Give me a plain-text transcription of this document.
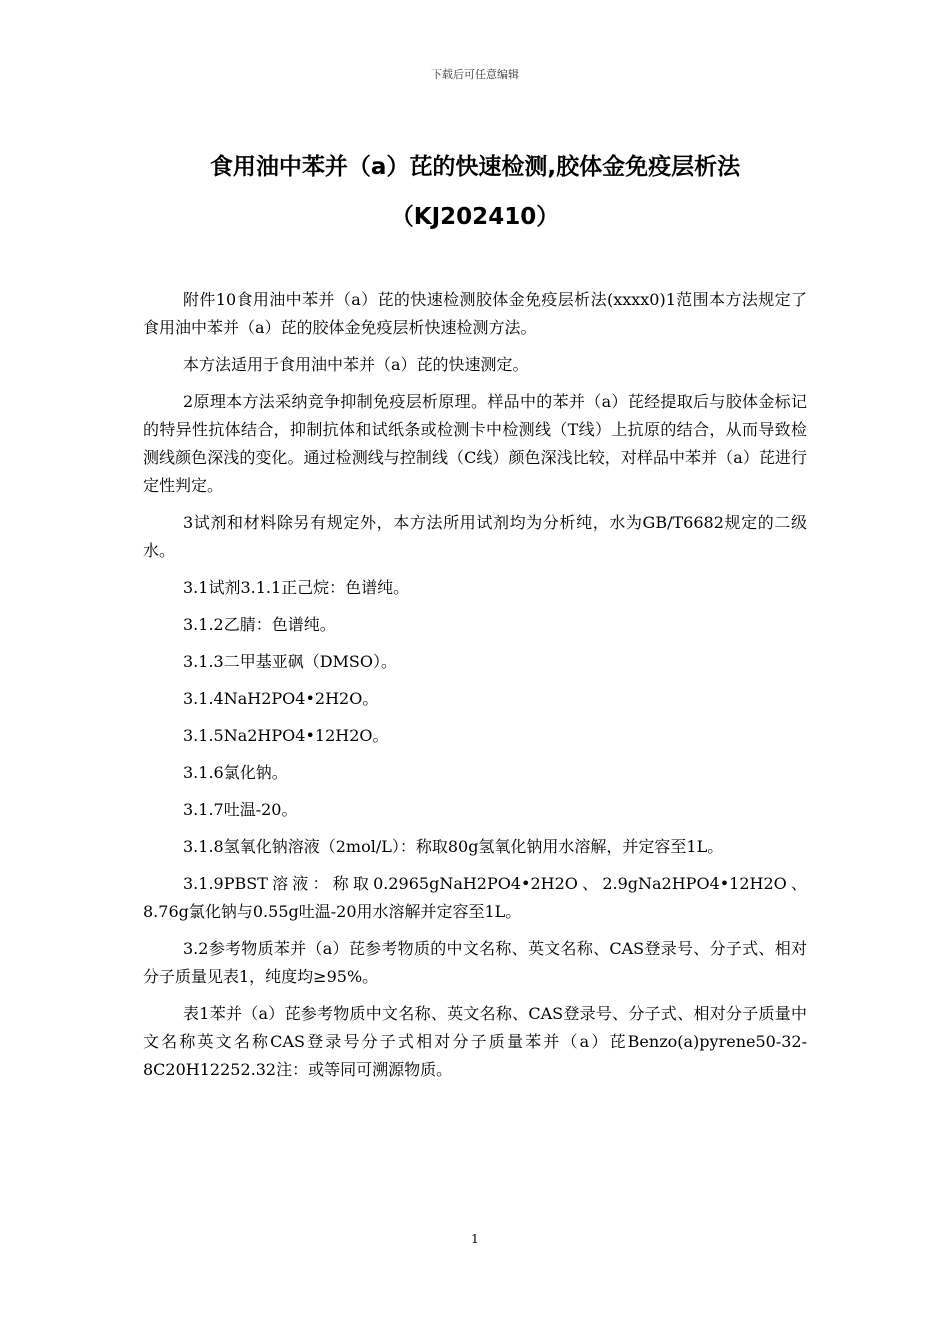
下载后可任意编辑
食用油中苯并（a）芘的快速检测,胶体金免疫层析法
（KJ202410）

附件10食用油中苯并（a）芘的快速检测胶体金免疫层析法(xxxx0)1范围本方法规定了食用油中苯并（a）芘的胶体金免疫层析快速检测方法。

本方法适用于食用油中苯并（a）芘的快速测定。

2原理本方法采纳竞争抑制免疫层析原理。样品中的苯并（a）芘经提取后与胶体金标记的特异性抗体结合，抑制抗体和试纸条或检测卡中检测线（T线）上抗原的结合，从而导致检测线颜色深浅的变化。通过检测线与控制线（C线）颜色深浅比较，对样品中苯并（a）芘进行定性判定。

3试剂和材料除另有规定外，本方法所用试剂均为分析纯，水为GB/T6682规定的二级水。

3.1试剂3.1.1正己烷：色谱纯。

3.1.2乙腈：色谱纯。

3.1.3二甲基亚砜（DMSO）。

3.1.4NaH2PO4•2H2O。

3.1.5Na2HPO4•12H2O。

3.1.6氯化钠。

3.1.7吐温-20。

3.1.8氢氧化钠溶液（2mol/L）：称取80g氢氧化钠用水溶解，并定容至1L。

3.1.9PBST溶液：称取0.2965gNaH2PO4•2H2O、2.9gNa2HPO4•12H2O、8.76g氯化钠与0.55g吐温-20用水溶解并定容至1L。

3.2参考物质苯并（a）芘参考物质的中文名称、英文名称、CAS登录号、分子式、相对分子质量见表1，纯度均≥95%。

表1苯并（a）芘参考物质中文名称、英文名称、CAS登录号、分子式、相对分子质量中文名称英文名称CAS登录号分子式相对分子质量苯并（a）芘Benzo(a)pyrene50-32-8C20H12252.32注：或等同可溯源物质。

1
